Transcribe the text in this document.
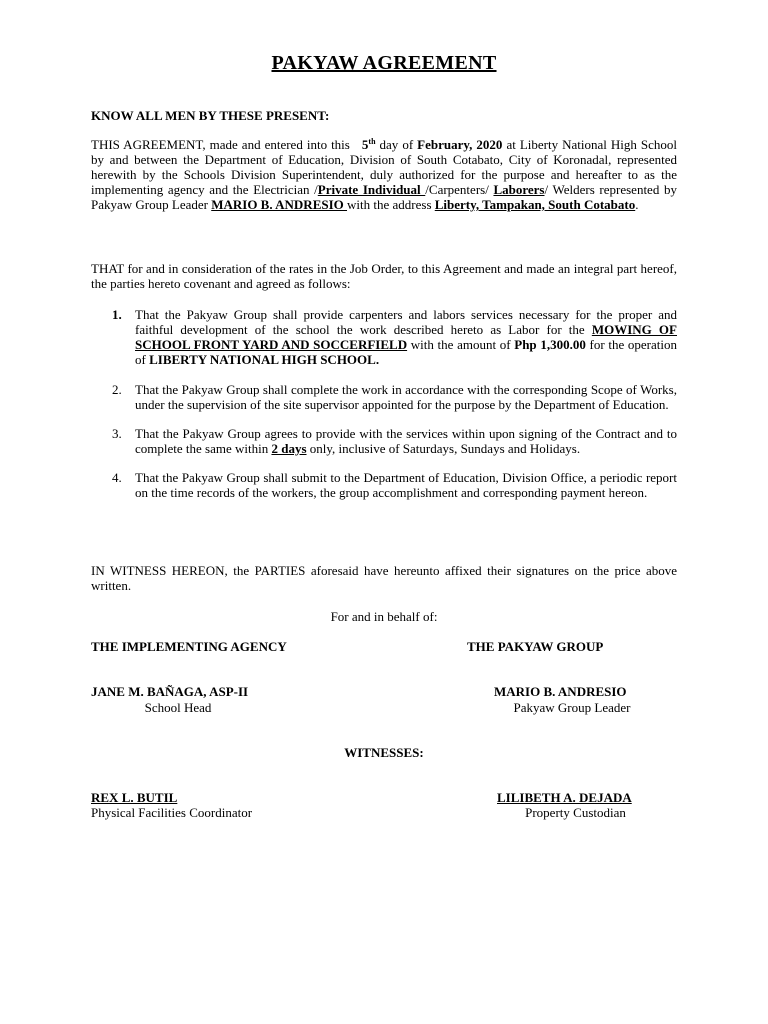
PAKYAW AGREEMENT
KNOW ALL MEN BY THESE PRESENT:
THIS AGREEMENT, made and entered into this   5th day of February, 2020 at Liberty National High School by and between the Department of Education, Division of South Cotabato, City of Koronadal, represented herewith by the Schools Division Superintendent, duly authorized for the purpose and hereafter to as the implementing agency and the Electrician /Private Individual /Carpenters/ Laborers/ Welders represented by Pakyaw Group Leader MARIO B. ANDRESIO with the address Liberty, Tampakan, South Cotabato.
THAT for and in consideration of the rates in the Job Order, to this Agreement and made an integral part hereof, the parties hereto covenant and agreed as follows:
1. That the Pakyaw Group shall provide carpenters and labors services necessary for the proper and faithful development of the school the work described hereto as Labor for the MOWING OF SCHOOL FRONT YARD AND SOCCERFIELD with the amount of Php 1,300.00 for the operation of LIBERTY NATIONAL HIGH SCHOOL.
2. That the Pakyaw Group shall complete the work in accordance with the corresponding Scope of Works, under the supervision of the site supervisor appointed for the purpose by the Department of Education.
3. That the Pakyaw Group agrees to provide with the services within upon signing of the Contract and to complete the same within 2 days only, inclusive of Saturdays, Sundays and Holidays.
4. That the Pakyaw Group shall submit to the Department of Education, Division Office, a periodic report on the time records of the workers, the group accomplishment and corresponding payment hereon.
IN WITNESS HEREON, the PARTIES aforesaid have hereunto affixed their signatures on the price above written.
For and in behalf of:
THE IMPLEMENTING AGENCY	THE PAKYAW GROUP
JANE M. BAÑAGA, ASP-II
School Head
MARIO B. ANDRESIO
Pakyaw Group Leader
WITNESSES:
REX L. BUTIL
Physical Facilities Coordinator
LILIBETH A. DEJADA
Property Custodian
